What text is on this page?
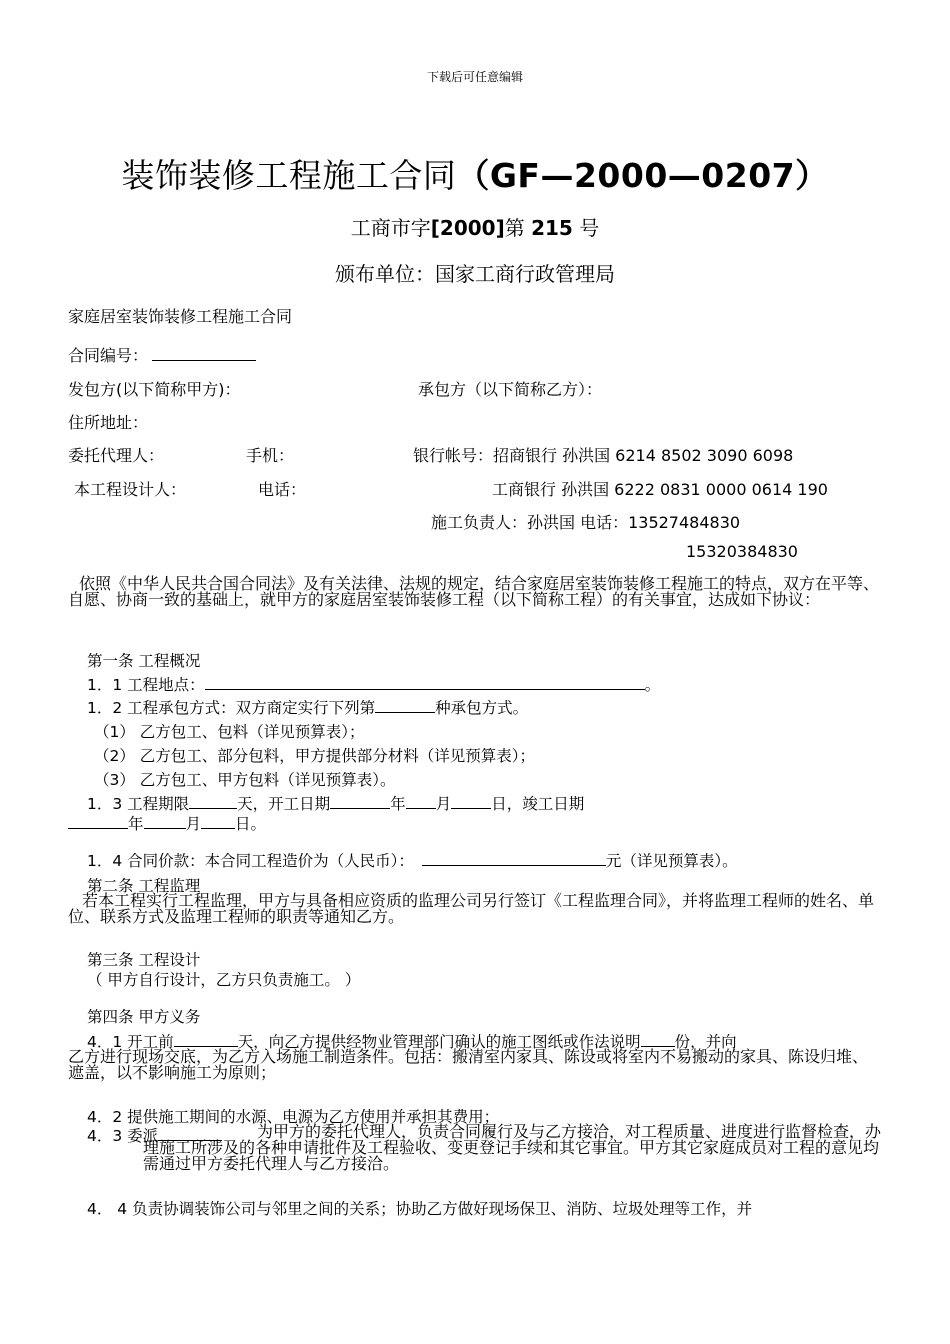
下载后可任意编辑
装饰装修工程施工合同（GF—2000—0207）
工商市字[2000]第 215 号
颁布单位：国家工商行政管理局
家庭居室装饰装修工程施工合同
合同编号：
发包方(以下简称甲方)：	承包方（以下简称乙方）：
住所地址：
委托代理人：	手机：	银行帐号：招商银行 孙洪国 6214 8502 3090 6098
本工程设计人：	电话：	工商银行 孙洪国 6222 0831 0000 0614 190
施工负责人：孙洪国 电话：13527484830
15320384830
依照《中华人民共合国合同法》及有关法律、法规的规定，结合家庭居室装饰装修工程施工的特点，双方在平等、自愿、协商一致的基础上，就甲方的家庭居室装饰装修工程（以下简称工程）的有关事宜，达成如下协议：
第一条 工程概况
1．1 工程地点：	。
1．2 工程承包方式：双方商定实行下列第	种承包方式。
（1） 乙方包工、包料（详见预算表）；
（2） 乙方包工、部分包料，甲方提供部分材料（详见预算表）；
（3） 乙方包工、甲方包料（详见预算表）。
1．3 工程期限	天，开工日期	年 月	日，竣工日期
年	月 日。
1．4 合同价款：本合同工程造价为（人民币）：	元（详见预算表）。
第二条 工程监理
若本工程实行工程监理，甲方与具备相应资质的监理公司另行签订《工程监理合同》，并将监理工程师的姓名、单位、联系方式及监理工程师的职责等通知乙方。
第三条 工程设计
（ 甲方自行设计，乙方只负责施工。 ）
第四条 甲方义务
4．1 开工前	天，向乙方提供经物业管理部门确认的施工图纸或作法说明 份，并向
乙方进行现场交底，为乙方入场施工制造条件。包括：搬清室内家具、陈设或将室内不易搬动的家具、陈设归堆、遮盖，以不影响施工为原则；
4．2 提供施工期间的水源、电源为乙方使用并承担其费用；
4．3 委派	为甲方的委托代理人，负责合同履行及与乙方接洽，对工程质量、进度进行监督检查，办理施工所涉及的各种申请批件及工程验收、变更登记手续和其它事宜。甲方其它家庭成员对工程的意见均需通过甲方委托代理人与乙方接洽。
4． 4 负责协调装饰公司与邻里之间的关系；协助乙方做好现场保卫、消防、垃圾处理等工作，并
